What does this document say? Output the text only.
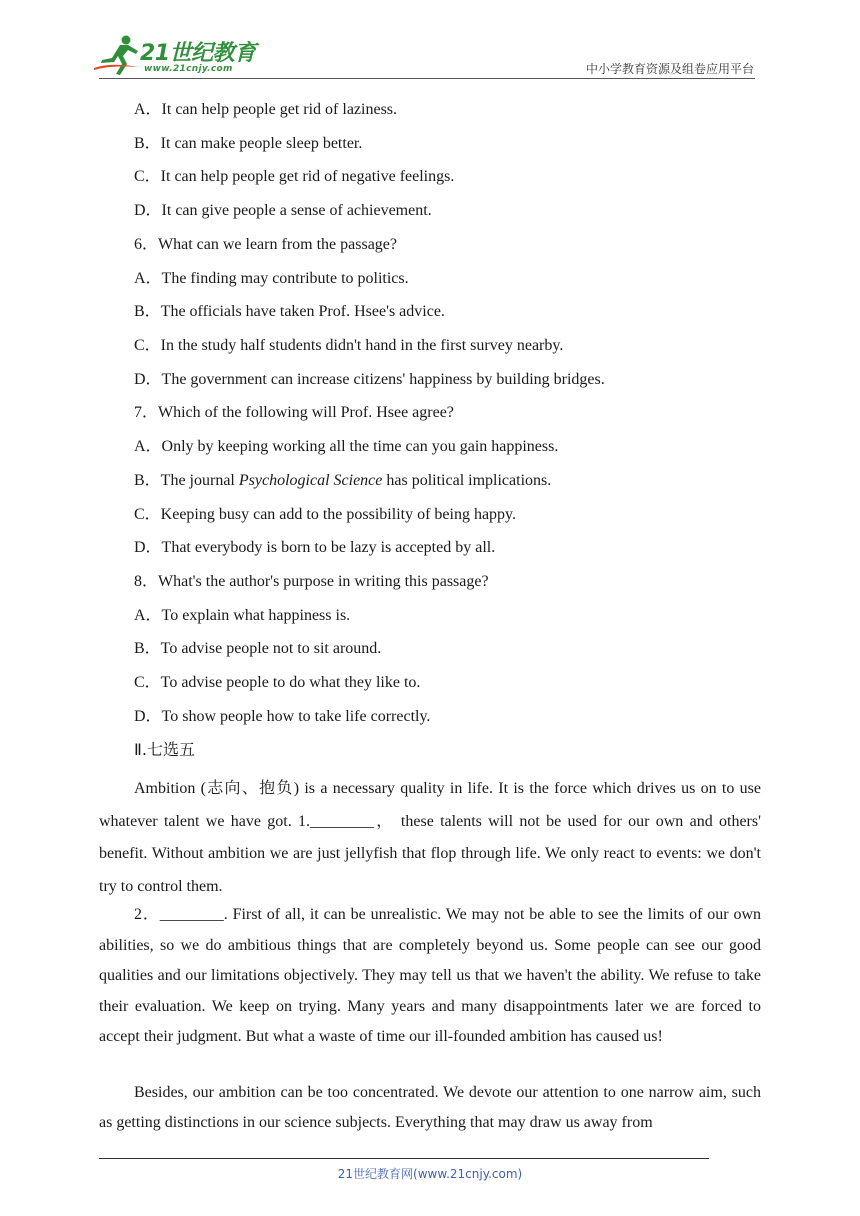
21世纪教育
www.21cnjy.com	中小学教育资源及组卷应用平台
A．It can help people get rid of laziness.
B．It can make people sleep better.
C．It can help people get rid of negative feelings.
D．It can give people a sense of achievement.
6．What can we learn from the passage?
A．The finding may contribute to politics.
B．The officials have taken Prof. Hsee's advice.
C．In the study half students didn't hand in the first survey nearby.
D．The government can increase citizens' happiness by building bridges.
7．Which of the following will Prof. Hsee agree?
A．Only by keeping working all the time can you gain happiness.
B．The journal Psychological Science has political implications.
C．Keeping busy can add to the possibility of being happy.
D．That everybody is born to be lazy is accepted by all.
8．What's the author's purpose in writing this passage?
A．To explain what happiness is.
B．To advise people not to sit around.
C．To advise people to do what they like to.
D．To show people how to take life correctly.
Ⅱ.七选五

Ambition (志向、抱负) is a necessary quality in life. It is the force which drives us on to use whatever talent we have got. 1.________， these talents will not be used for our own and others' benefit. Without ambition we are just jellyfish that flop through life. We only react to events: we don't try to control them.

2．________. First of all, it can be unrealistic. We may not be able to see the limits of our own abilities, so we do ambitious things that are completely beyond us. Some people can see our good qualities and our limitations objectively. They may tell us that we haven't the ability. We refuse to take their evaluation. We keep on trying. Many years and many disappointments later we are forced to accept their judgment. But what a waste of time our ill-founded ambition has caused us!

Besides, our ambition can be too concentrated. We devote our attention to one narrow aim, such as getting distinctions in our science subjects. Everything that may draw us away from

21世纪教育网(www.21cnjy.com)
